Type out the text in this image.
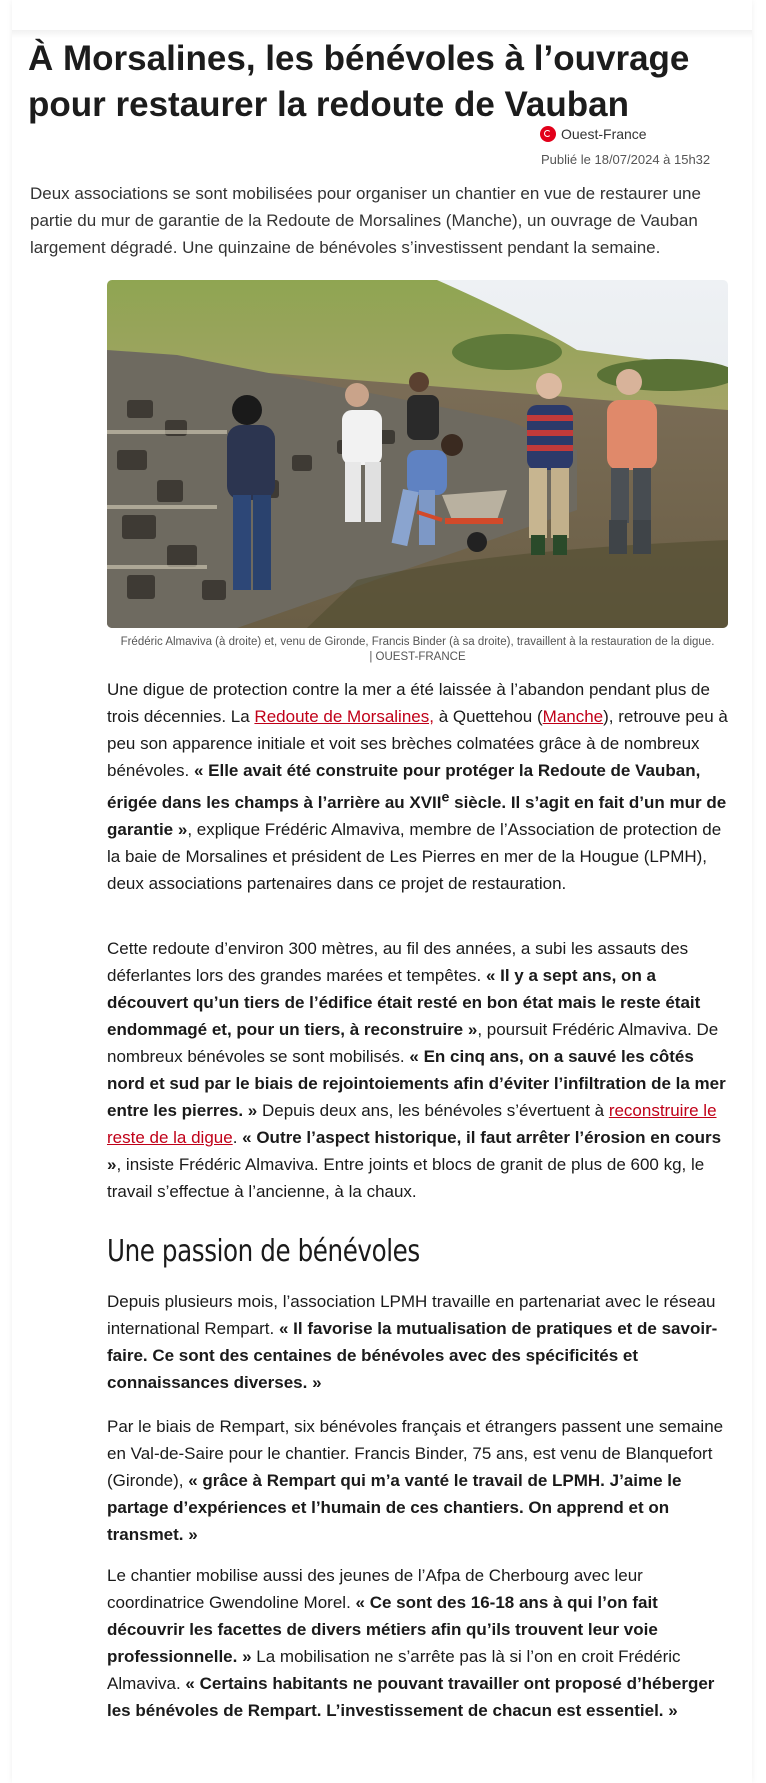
À Morsalines, les bénévoles à l’ouvrage pour restaurer la redoute de Vauban
Ouest-France
Publié le 18/07/2024 à 15h32

Deux associations se sont mobilisées pour organiser un chantier en vue de restaurer une partie du mur de garantie de la Redoute de Morsalines (Manche), un ouvrage de Vauban largement dégradé. Une quinzaine de bénévoles s’investissent pendant la semaine.

Frédéric Almaviva (à droite) et, venu de Gironde, Francis Binder (à sa droite), travaillent à la restauration de la digue.
| OUEST-FRANCE

Une digue de protection contre la mer a été laissée à l’abandon pendant plus de trois décennies. La Redoute de Morsalines, à Quettehou (Manche), retrouve peu à peu son apparence initiale et voit ses brèches colmatées grâce à de nombreux bénévoles. « Elle avait été construite pour protéger la Redoute de Vauban, érigée dans les champs à l’arrière au XVIIe siècle. Il s’agit en fait d’un mur de garantie », explique Frédéric Almaviva, membre de l’Association de protection de la baie de Morsalines et président de Les Pierres en mer de la Hougue (LPMH), deux associations partenaires dans ce projet de restauration.

Cette redoute d’environ 300 mètres, au fil des années, a subi les assauts des déferlantes lors des grandes marées et tempêtes. « Il y a sept ans, on a découvert qu’un tiers de l’édifice était resté en bon état mais le reste était endommagé et, pour un tiers, à reconstruire », poursuit Frédéric Almaviva. De nombreux bénévoles se sont mobilisés. « En cinq ans, on a sauvé les côtés nord et sud par le biais de rejointoiements afin d’éviter l’infiltration de la mer entre les pierres. » Depuis deux ans, les bénévoles s’évertuent à reconstruire le reste de la digue. « Outre l’aspect historique, il faut arrêter l’érosion en cours », insiste Frédéric Almaviva. Entre joints et blocs de granit de plus de 600 kg, le travail s’effectue à l’ancienne, à la chaux.

Une passion de bénévoles

Depuis plusieurs mois, l’association LPMH travaille en partenariat avec le réseau international Rempart. « Il favorise la mutualisation de pratiques et de savoir-faire. Ce sont des centaines de bénévoles avec des spécificités et connaissances diverses. »

Par le biais de Rempart, six bénévoles français et étrangers passent une semaine en Val-de-Saire pour le chantier. Francis Binder, 75 ans, est venu de Blanquefort (Gironde), « grâce à Rempart qui m’a vanté le travail de LPMH. J’aime le partage d’expériences et l’humain de ces chantiers. On apprend et on transmet. »

Le chantier mobilise aussi des jeunes de l’Afpa de Cherbourg avec leur coordinatrice Gwendoline Morel. « Ce sont des 16-18 ans à qui l’on fait découvrir les facettes de divers métiers afin qu’ils trouvent leur voie professionnelle. » La mobilisation ne s’arrête pas là si l’on en croit Frédéric Almaviva. « Certains habitants ne pouvant travailler ont proposé d’héberger les bénévoles de Rempart. L’investissement de chacun est essentiel. »
